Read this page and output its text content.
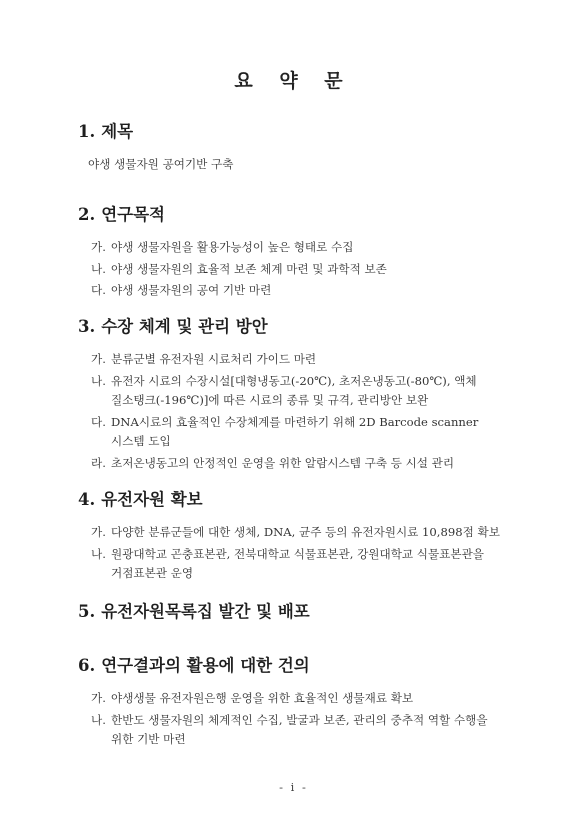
요 약 문
1. 제목
야생 생물자원 공여기반 구축
2. 연구목적
가. 야생 생물자원을 활용가능성이 높은 형태로 수집
나. 야생 생물자원의 효율적 보존 체계 마련 및 과학적 보존
다. 야생 생물자원의 공여 기반 마련
3. 수장 체계 및 관리 방안
가. 분류군별 유전자원 시료처리 가이드 마련
나. 유전자 시료의 수장시설[대형냉동고(-20℃), 초저온냉동고(-80℃), 액체
질소탱크(-196℃)]에 따른 시료의 종류 및 규격, 관리방안 보완
다. DNA시료의 효율적인 수장체계를 마련하기 위해 2D Barcode scanner
시스템 도입
라. 초저온냉동고의 안정적인 운영을 위한 알람시스템 구축 등 시설 관리
4. 유전자원 확보
가. 다양한 분류군들에 대한 생체, DNA, 균주 등의 유전자원시료 10,898점 확보
나. 원광대학교 곤충표본관, 전북대학교 식물표본관, 강원대학교 식물표본관을
거점표본관 운영
5. 유전자원목록집 발간 및 배포
6. 연구결과의 활용에 대한 건의
가. 야생생물 유전자원은행 운영을 위한 효율적인 생물재료 확보
나. 한반도 생물자원의 체계적인 수집, 발굴과 보존, 관리의 중추적 역할 수행을
위한 기반 마련
- i -
